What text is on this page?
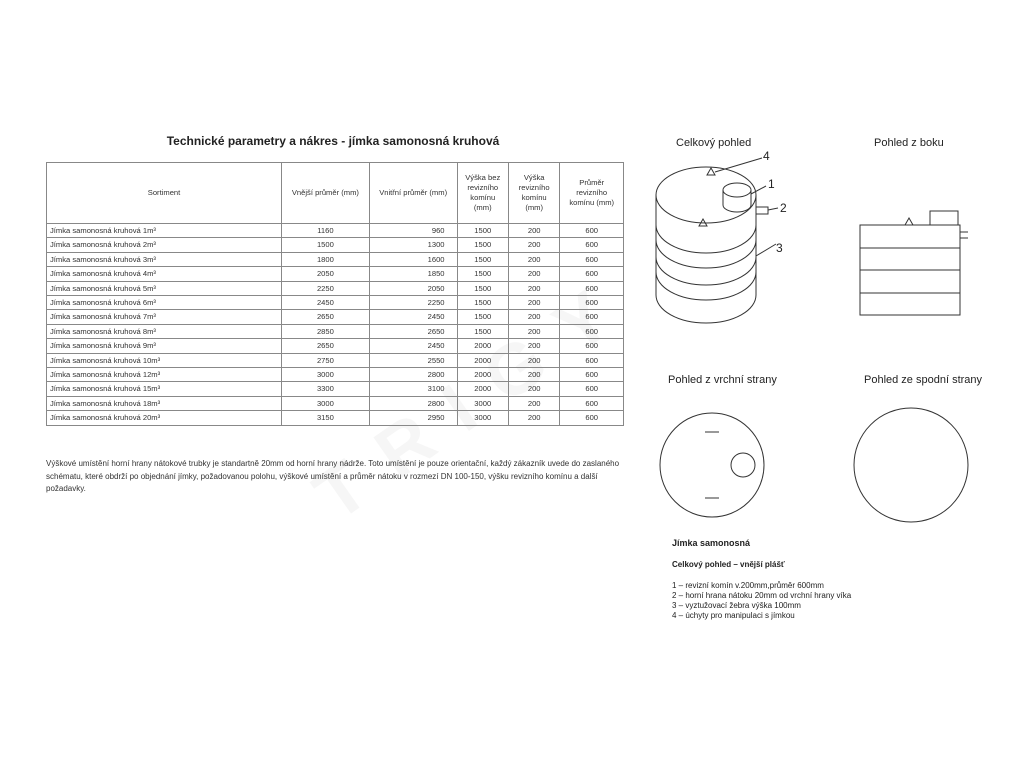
Technické parametry a nákres - jímka samonosná kruhová
Sortiment	Vnější průměr (mm)	Vnitřní průměr (mm)	Výška bez revizního komínu (mm)	Výška revizního komínu (mm)	Průměr revizního komínu (mm)
Jímka samonosná kruhová 1m³	1160	960	1500	200	600
Jímka samonosná kruhová 2m³	1500	1300	1500	200	600
Jímka samonosná kruhová 3m³	1800	1600	1500	200	600
Jímka samonosná kruhová 4m³	2050	1850	1500	200	600
Jímka samonosná kruhová 5m³	2250	2050	1500	200	600
Jímka samonosná kruhová 6m³	2450	2250	1500	200	600
Jímka samonosná kruhová 7m³	2650	2450	1500	200	600
Jímka samonosná kruhová 8m³	2850	2650	1500	200	600
Jímka samonosná kruhová 9m³	2650	2450	2000	200	600
Jímka samonosná kruhová 10m³	2750	2550	2000	200	600
Jímka samonosná kruhová 12m³	3000	2800	2000	200	600
Jímka samonosná kruhová 15m³	3300	3100	2000	200	600
Jímka samonosná kruhová 18m³	3000	2800	3000	200	600
Jímka samonosná kruhová 20m³	3150	2950	3000	200	600
Výškové umístění horní hrany nátokové trubky je standartně 20mm od horní hrany nádrže. Toto umístění je pouze orientační, každý zákazník uvede do zaslaného schématu, které obdrží po objednání jímky, požadovanou polohu, výškové umístění a průměr nátoku v rozmezí DN 100-150, výšku revizního komínu a další požadavky.
Celkový pohled	Pohled z boku
Pohled z vrchní strany	Pohled ze spodní strany
4
1
2
3
Jímka samonosná
Celkový pohled – vnější plášť
1 – revizní komín v.200mm,průměr 600mm
2 – horní hrana nátoku 20mm od vrchní hrany víka
3 – vyztužovací žebra výška 100mm
4 – úchyty pro manipulaci s jímkou
